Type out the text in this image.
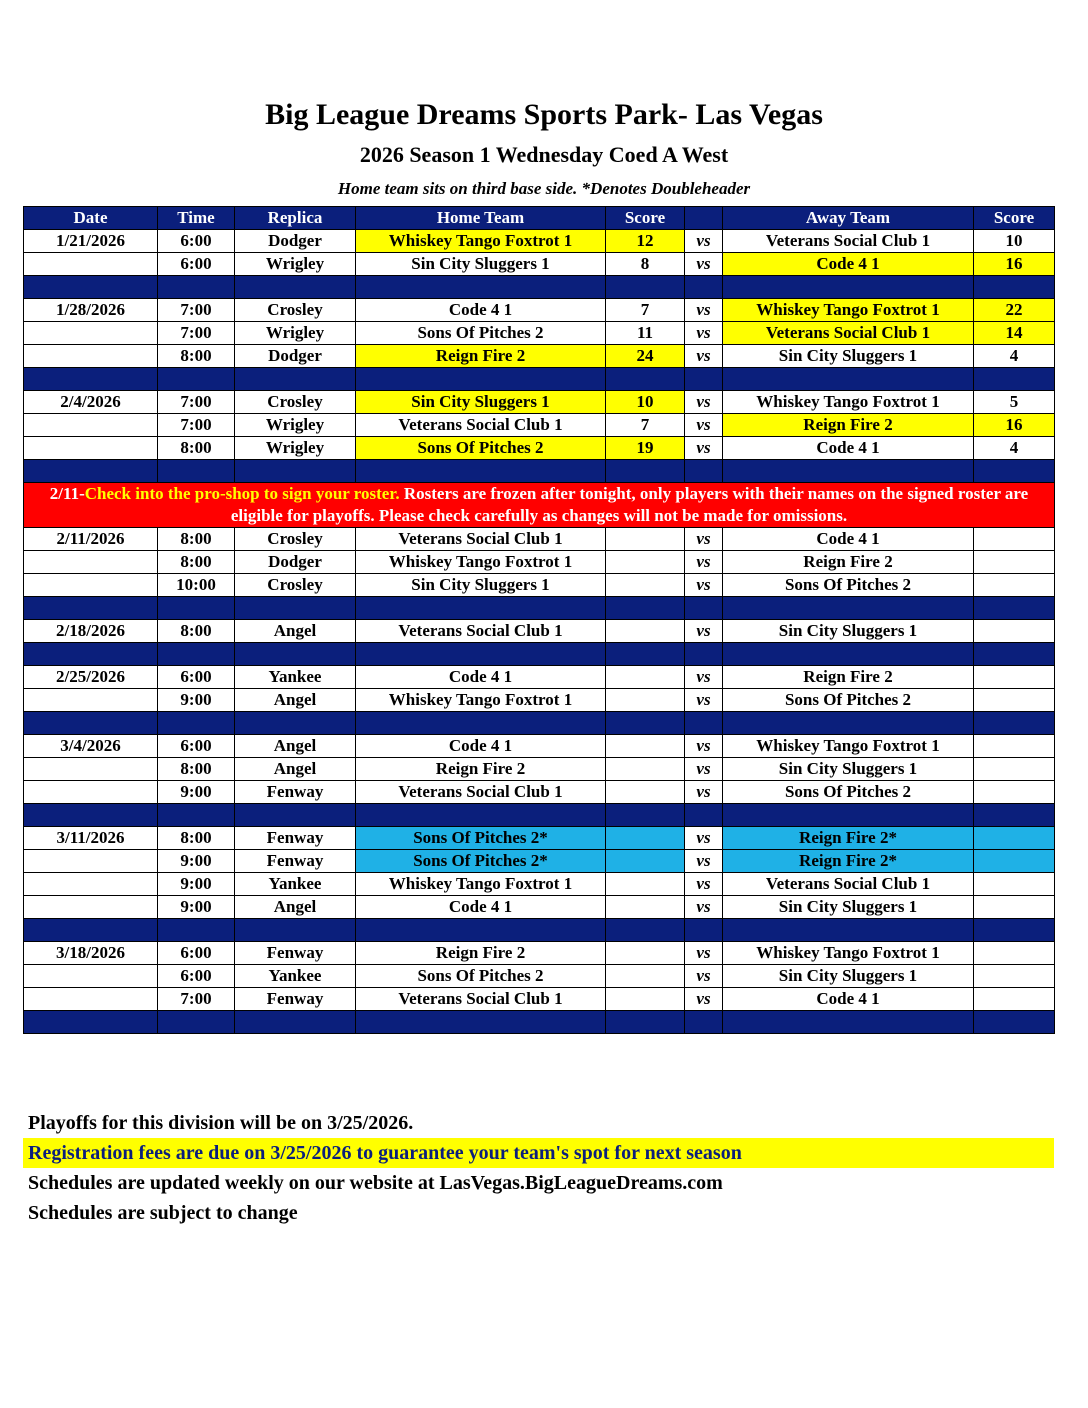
Big League Dreams Sports Park- Las Vegas
2026 Season 1 Wednesday Coed A West
Home team sits on third base side. *Denotes Doubleheader
Date	Time	Replica	Home Team	Score		Away Team	Score
1/21/2026	6:00	Dodger	Whiskey Tango Foxtrot 1	12	vs	Veterans Social Club 1	10
	6:00	Wrigley	Sin City Sluggers 1	8	vs	Code 4 1	16

1/28/2026	7:00	Crosley	Code 4 1	7	vs	Whiskey Tango Foxtrot 1	22
	7:00	Wrigley	Sons Of Pitches 2	11	vs	Veterans Social Club 1	14
	8:00	Dodger	Reign Fire 2	24	vs	Sin City Sluggers 1	4

2/4/2026	7:00	Crosley	Sin City Sluggers 1	10	vs	Whiskey Tango Foxtrot 1	5
	7:00	Wrigley	Veterans Social Club 1	7	vs	Reign Fire 2	16
	8:00	Wrigley	Sons Of Pitches 2	19	vs	Code 4 1	4

2/11-Check into the pro-shop to sign your roster. Rosters are frozen after tonight, only players with their names on the signed roster are eligible for playoffs. Please check carefully as changes will not be made for omissions.							
2/11/2026	8:00	Crosley	Veterans Social Club 1		vs	Code 4 1	
	8:00	Dodger	Whiskey Tango Foxtrot 1		vs	Reign Fire 2	
	10:00	Crosley	Sin City Sluggers 1		vs	Sons Of Pitches 2	

2/18/2026	8:00	Angel	Veterans Social Club 1		vs	Sin City Sluggers 1	

2/25/2026	6:00	Yankee	Code 4 1		vs	Reign Fire 2	
	9:00	Angel	Whiskey Tango Foxtrot 1		vs	Sons Of Pitches 2	

3/4/2026	6:00	Angel	Code 4 1		vs	Whiskey Tango Foxtrot 1	
	8:00	Angel	Reign Fire 2		vs	Sin City Sluggers 1	
	9:00	Fenway	Veterans Social Club 1		vs	Sons Of Pitches 2	

3/11/2026	8:00	Fenway	Sons Of Pitches 2*		vs	Reign Fire 2*	
	9:00	Fenway	Sons Of Pitches 2*		vs	Reign Fire 2*	
	9:00	Yankee	Whiskey Tango Foxtrot 1		vs	Veterans Social Club 1	
	9:00	Angel	Code 4 1		vs	Sin City Sluggers 1	

3/18/2026	6:00	Fenway	Reign Fire 2		vs	Whiskey Tango Foxtrot 1	
	6:00	Yankee	Sons Of Pitches 2		vs	Sin City Sluggers 1	
	7:00	Fenway	Veterans Social Club 1		vs	Code 4 1	

Playoffs for this division will be on 3/25/2026.
Registration fees are due on 3/25/2026 to guarantee your team's spot for next season
Schedules are updated weekly on our website at LasVegas.BigLeagueDreams.com
Schedules are subject to change
